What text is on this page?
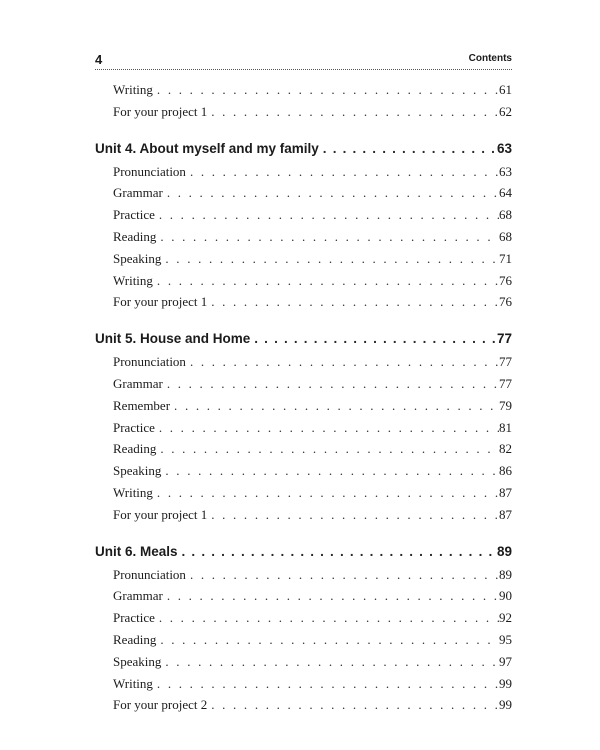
4	Contents
Writing . . .	61
For your project 1 . . .	62
Unit 4. About myself and my family . . .	63
Pronunciation . . .	63
Grammar . . .	64
Practice . . .	68
Reading . . .	68
Speaking . . .	71
Writing . . .	76
For your project 1 . . .	76
Unit 5. House and Home . . .	77
Pronunciation . . .	77
Grammar . . .	77
Remember . . .	79
Practice . . .	81
Reading . . .	82
Speaking . . .	86
Writing . . .	87
For your project 1 . . .	87
Unit 6. Meals . . .	89
Pronunciation . . .	89
Grammar . . .	90
Practice . . .	92
Reading . . .	95
Speaking . . .	97
Writing . . .	99
For your project 2 . . .	99
